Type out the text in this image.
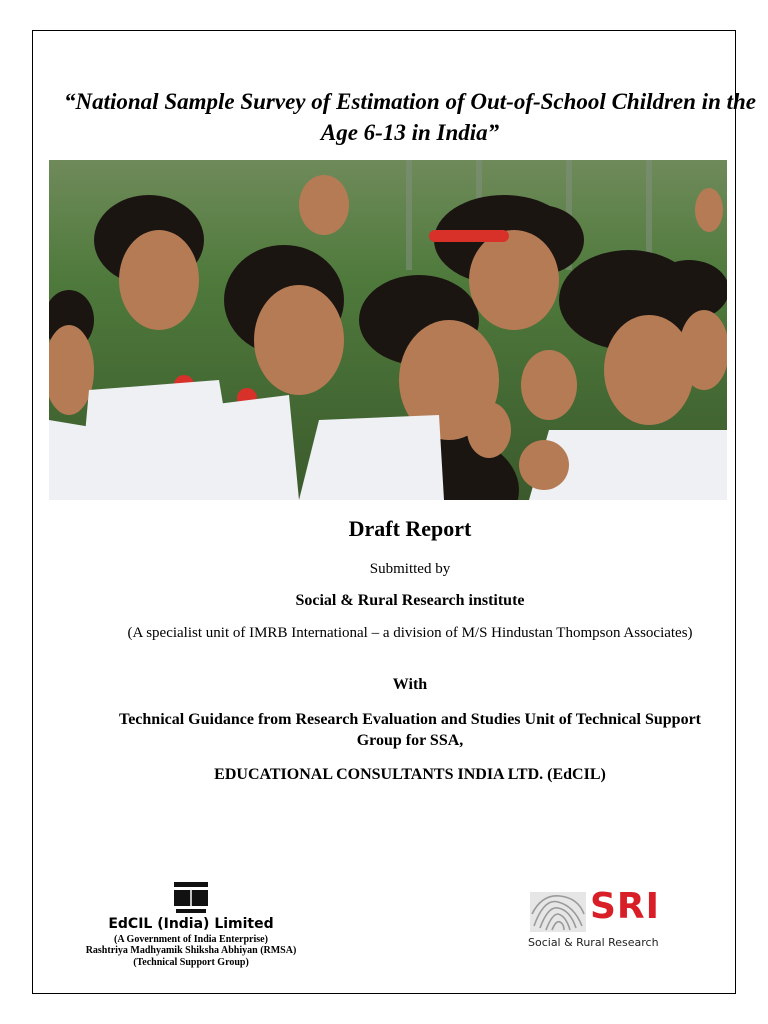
“National Sample Survey of Estimation of Out-of-School Children in the Age 6-13 in India”
Draft Report
Submitted by
Social & Rural Research institute
(A specialist unit of IMRB International – a division of M/S Hindustan Thompson Associates)
With
Technical Guidance from Research Evaluation and Studies Unit of Technical Support Group for SSA,
EDUCATIONAL CONSULTANTS INDIA LTD. (EdCIL)
EdCIL (India) Limited
(A Government of India Enterprise)
Rashtriya Madhyamik Shiksha Abhiyan (RMSA)
(Technical Support Group)
SRI
Social & Rural Research
